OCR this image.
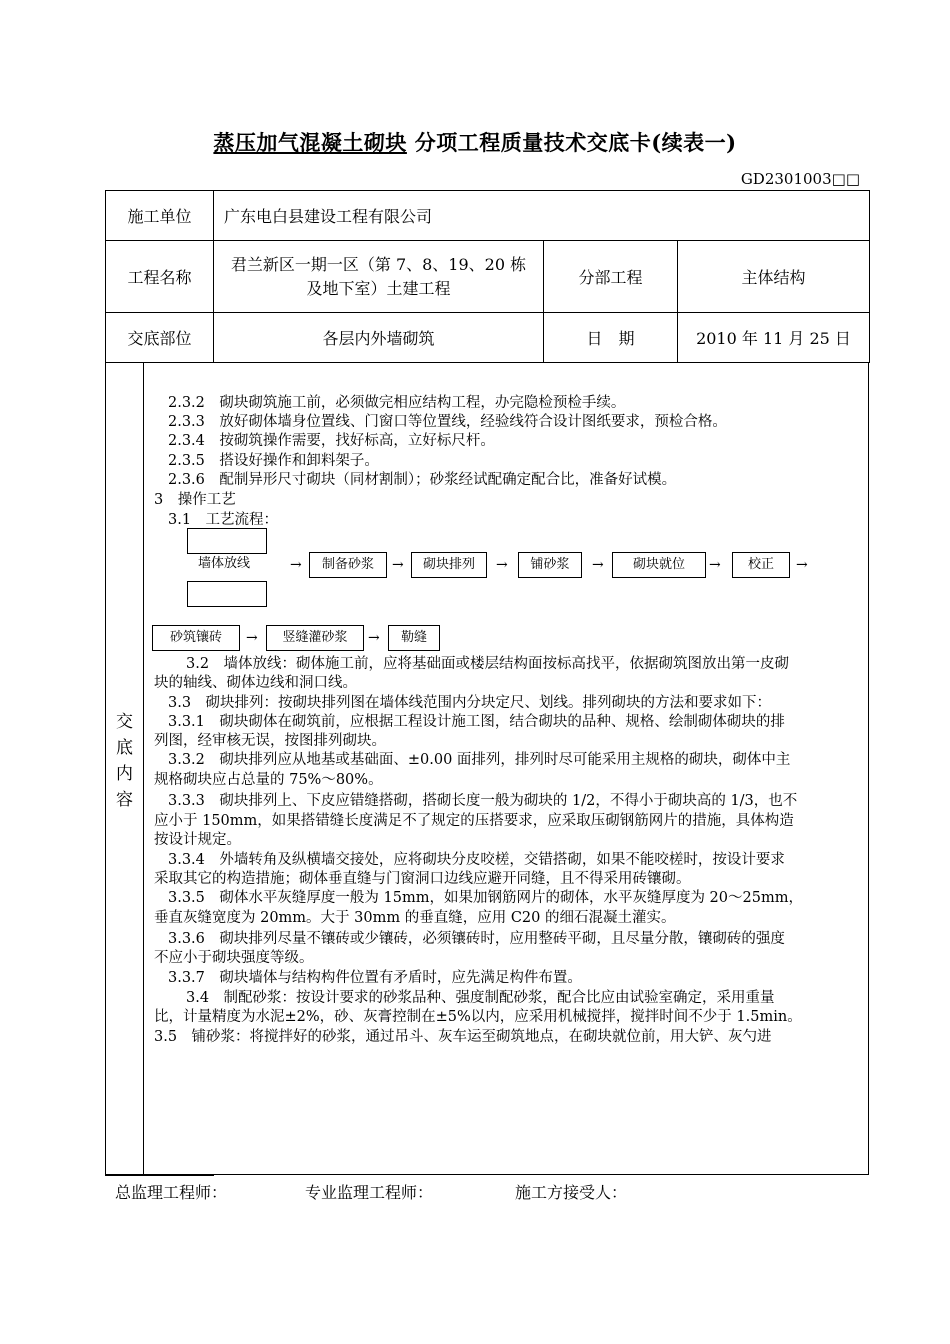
蒸压加气混凝土砌块 分项工程质量技术交底卡(续表一)
GD2301003□□
施工单位	广东电白县建设工程有限公司		
工程名称	君兰新区一期一区（第 7、8、19、20 栋
及地下室）土建工程	分部工程	主体结构
交底部位	各层内外墙砌筑	日　期	2010 年 11 月 25 日

交
底
内
容
2.3.2　砌块砌筑施工前，必须做完相应结构工程，办完隐检预检手续。
2.3.3　放好砌体墙身位置线、门窗口等位置线，经验线符合设计图纸要求，预检合格。
2.3.4　按砌筑操作需要，找好标高，立好标尺杆。
2.3.5　搭设好操作和卸料架子。
2.3.6　配制异形尺寸砌块（同材割制）；砂浆经试配确定配合比，准备好试模。
3　操作工艺
3.1　工艺流程：
墙体放线	→	制备砂浆	→	砌块排列	→	铺砂浆	→	砌块就位	→	校正	→
砂筑镶砖	→	竖缝灌砂浆	→	勒缝
3.2　墙体放线：砌体施工前，应将基础面或楼层结构面按标高找平，依据砌筑图放出第一皮砌
块的轴线、砌体边线和洞口线。
3.3　砌块排列：按砌块排列图在墙体线范围内分块定尺、划线。排列砌块的方法和要求如下：
3.3.1　砌块砌体在砌筑前，应根据工程设计施工图，结合砌块的品种、规格、绘制砌体砌块的排
列图，经审核无误，按图排列砌块。
3.3.2　砌块排列应从地基或基础面、±0.00 面排列，排列时尽可能采用主规格的砌块，砌体中主
规格砌块应占总量的 75%～80%。
3.3.3　砌块排列上、下皮应错缝搭砌，搭砌长度一般为砌块的 1/2，不得小于砌块高的 1/3，也不
应小于 150mm，如果搭错缝长度满足不了规定的压搭要求，应采取压砌钢筋网片的措施，具体构造
按设计规定。
3.3.4　外墙转角及纵横墙交接处，应将砌块分皮咬槎，交错搭砌，如果不能咬槎时，按设计要求
采取其它的构造措施；砌体垂直缝与门窗洞口边线应避开同缝，且不得采用砖镶砌。
3.3.5　砌体水平灰缝厚度一般为 15mm，如果加钢筋网片的砌体，水平灰缝厚度为 20～25mm，
垂直灰缝宽度为 20mm。大于 30mm 的垂直缝，应用 C20 的细石混凝土灌实。
3.3.6　砌块排列尽量不镶砖或少镶砖，必须镶砖时，应用整砖平砌，且尽量分散，镶砌砖的强度
不应小于砌块强度等级。
3.3.7　砌块墙体与结构构件位置有矛盾时，应先满足构件布置。
3.4　制配砂浆：按设计要求的砂浆品种、强度制配砂浆，配合比应由试验室确定，采用重量
比，计量精度为水泥±2%，砂、灰膏控制在±5%以内，应采用机械搅拌，搅拌时间不少于 1.5min。
3.5　铺砂浆：将搅拌好的砂浆，通过吊斗、灰车运至砌筑地点，在砌块就位前，用大铲、灰勺进
总监理工程师：	专业监理工程师：	施工方接受人：
